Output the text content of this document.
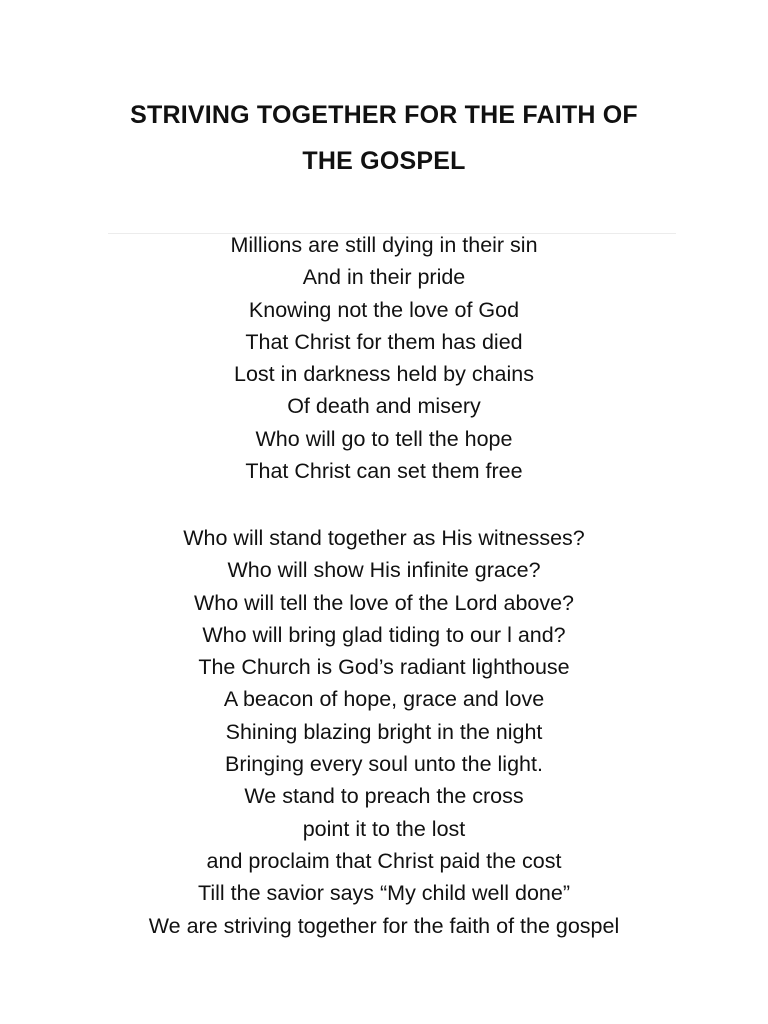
STRIVING TOGETHER FOR THE FAITH OF
THE GOSPEL
Millions are still dying in their sin
And in their pride
Knowing not the love of God
That Christ for them has died
Lost in darkness held by chains
Of death and misery
Who will go to tell the hope
That Christ can set them free
Who will stand together as His witnesses?
Who will show His infinite grace?
Who will tell the love of the Lord above?
Who will bring glad tiding to our l and?
The Church is God’s radiant lighthouse
A beacon of hope, grace and love
Shining blazing bright in the night
Bringing every soul unto the light.
We stand to preach the cross
point it to the lost
and proclaim that Christ paid the cost
Till the savior says “My child well done”
We are striving together for the faith of the gospel
